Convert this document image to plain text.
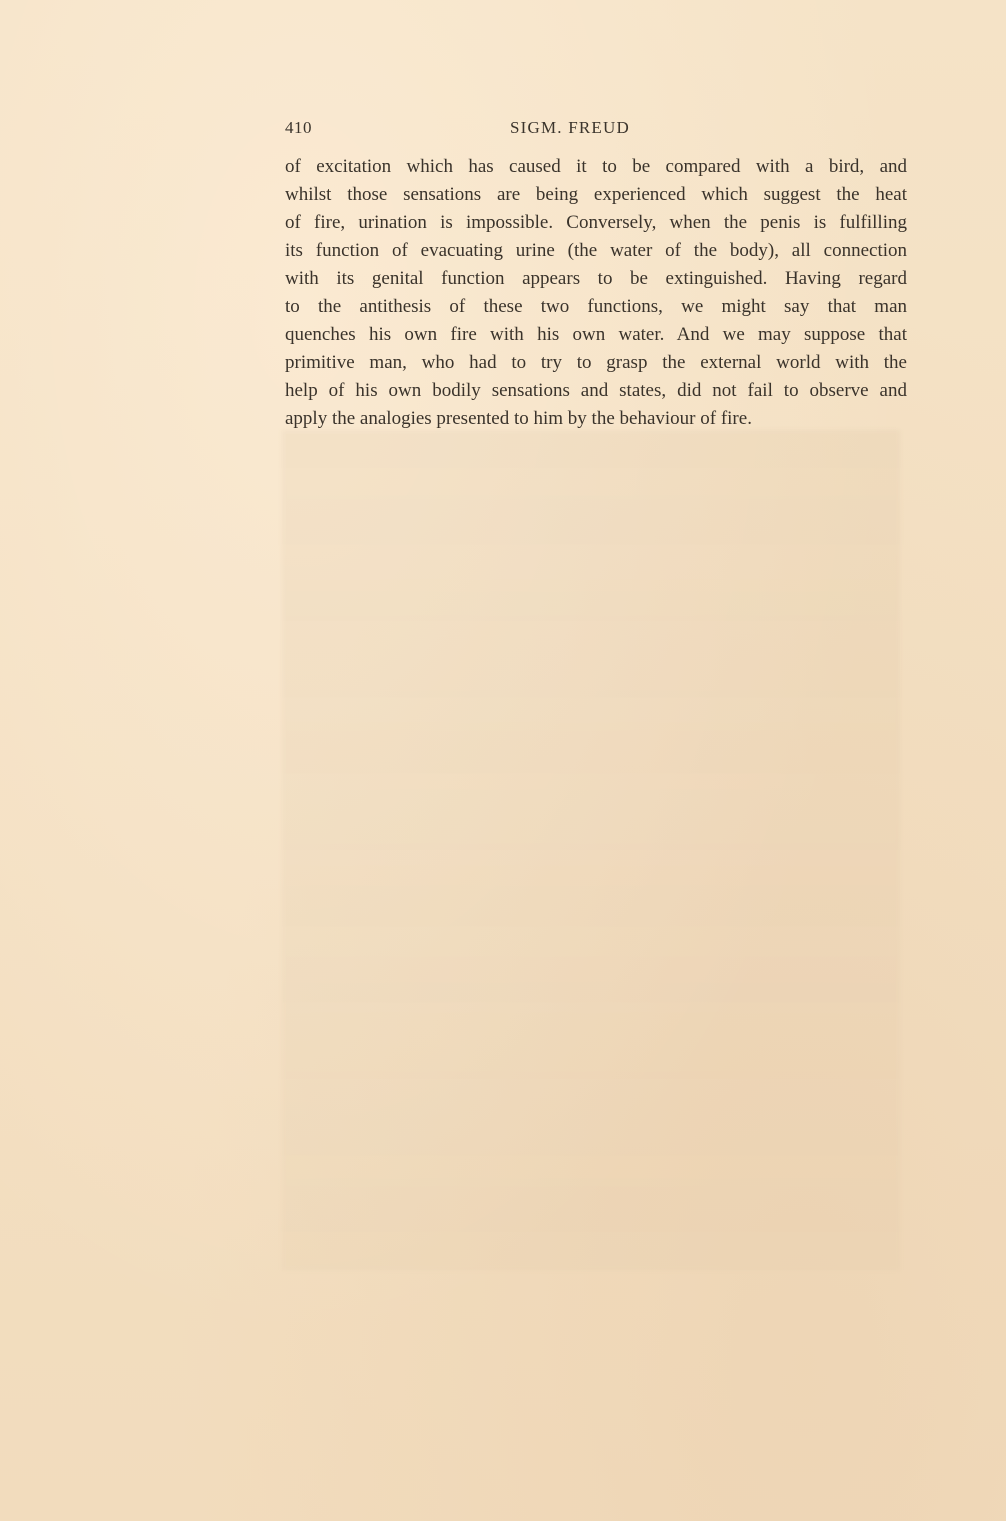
410	SIGM. FREUD
of excitation which has caused it to be compared with a bird, and
whilst those sensations are being experienced which suggest the heat
of fire, urination is impossible. Conversely, when the penis is fulfilling
its function of evacuating urine (the water of the body), all connection
with its genital function appears to be extinguished. Having regard
to the antithesis of these two functions, we might say that man
quenches his own fire with his own water. And we may suppose that
primitive man, who had to try to grasp the external world with the
help of his own bodily sensations and states, did not fail to observe and
apply the analogies presented to him by the behaviour of fire.
